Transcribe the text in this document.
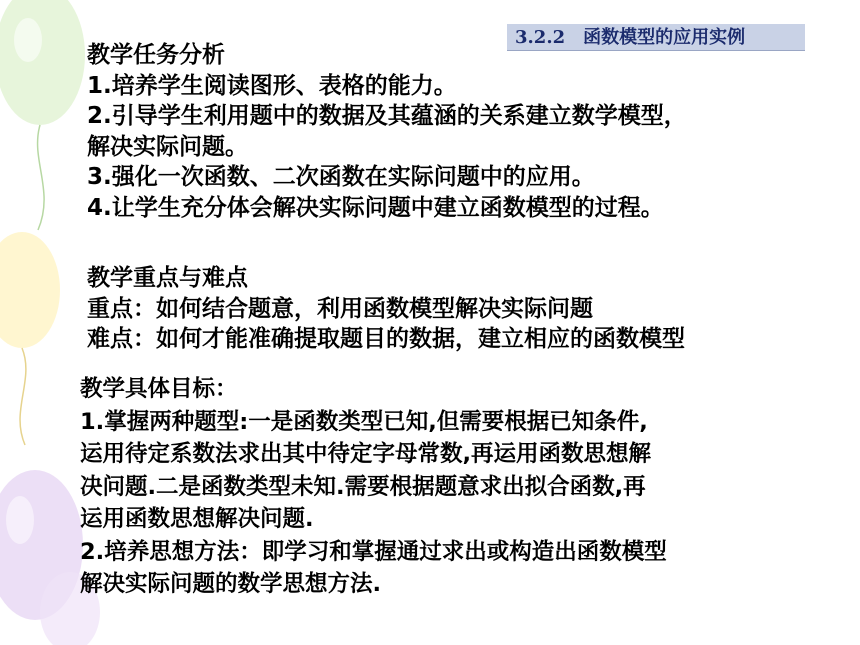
3.2.2 函数模型的应用实例
教学任务分析
1.培养学生阅读图形、表格的能力。
2.引导学生利用题中的数据及其蕴涵的关系建立数学模型，
解决实际问题。
3.强化一次函数、二次函数在实际问题中的应用。
4.让学生充分体会解决实际问题中建立函数模型的过程。
教学重点与难点
重点：如何结合题意，利用函数模型解决实际问题
难点：如何才能准确提取题目的数据，建立相应的函数模型
教学具体目标：
1.掌握两种题型:一是函数类型已知,但需要根据已知条件,
运用待定系数法求出其中待定字母常数,再运用函数思想解
决问题.二是函数类型未知.需要根据题意求出拟合函数,再
运用函数思想解决问题.
2.培养思想方法：即学习和掌握通过求出或构造出函数模型
解决实际问题的数学思想方法.
